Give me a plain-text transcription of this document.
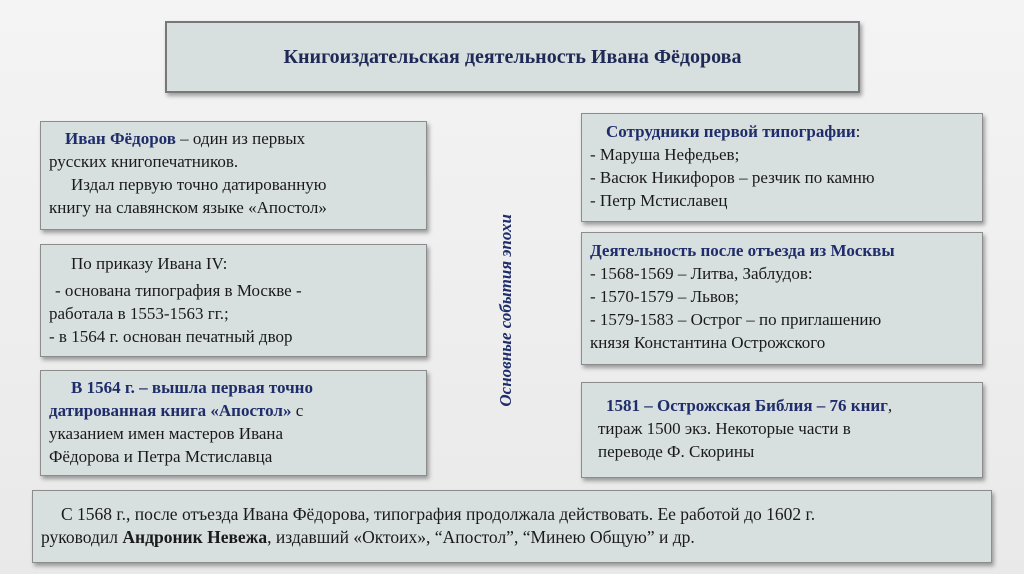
Книгоиздательская деятельность Ивана Фёдорова
Иван Фёдоров – один из первых
русских книгопечатников.
Издал первую точно датированную
книгу на славянском языке «Апостол»
По приказу Ивана IV:
- основана типография в Москве -
работала в 1553-1563 гг.;
- в 1564 г. основан печатный двор
В 1564 г. – вышла первая точно
датированная книга «Апостол» с
указанием имен мастеров Ивана
Фёдорова и Петра Мстиславца
Основные события эпохи
Сотрудники первой типографии:
- Маруша Нефедьев;
- Васюк Никифоров – резчик по камню
- Петр Мстиславец
Деятельность после отъезда из Москвы
- 1568-1569 – Литва, Заблудов:
- 1570-1579 – Львов;
- 1579-1583 – Острог – по приглашению
князя Константина Острожского
1581 – Острожская Библия – 76 книг,
тираж 1500 экз. Некоторые части в
переводе Ф. Скорины
С 1568 г., после отъезда Ивана Фёдорова, типография продолжала действовать. Ее работой до 1602 г.
руководил Андроник Невежа, издавший «Октоих», “Апостол”, “Минею Общую” и др.
